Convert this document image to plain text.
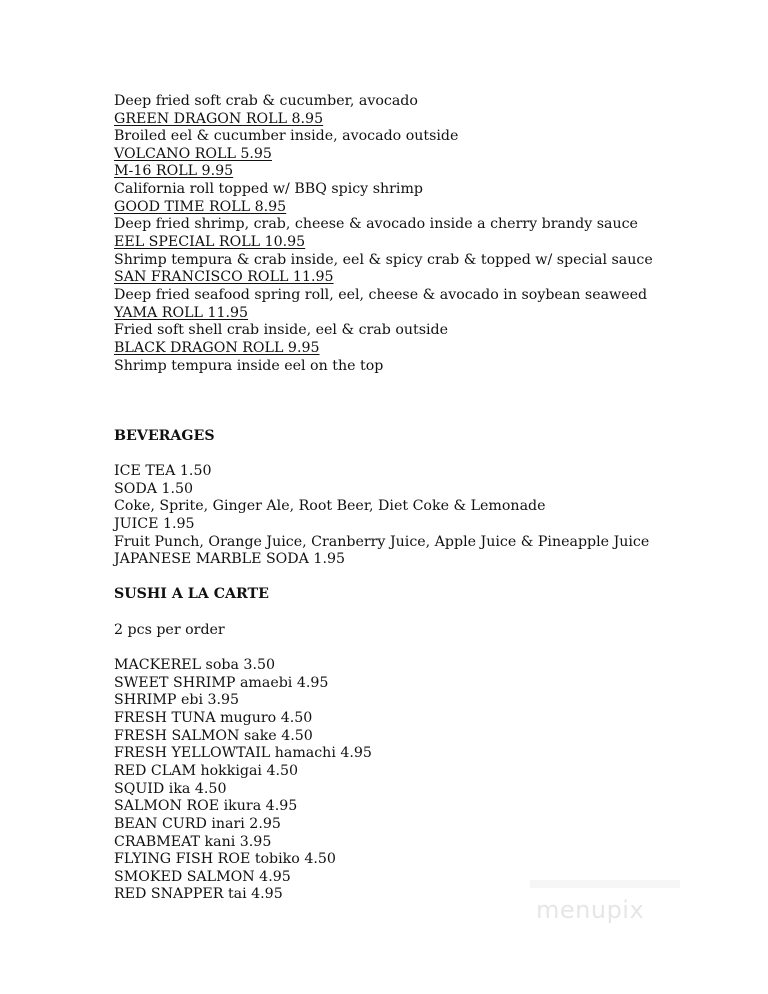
Deep fried soft crab & cucumber, avocado
GREEN DRAGON ROLL 8.95
Broiled eel & cucumber inside, avocado outside
VOLCANO ROLL 5.95
M-16 ROLL 9.95
California roll topped w/ BBQ spicy shrimp
GOOD TIME ROLL 8.95
Deep fried shrimp, crab, cheese & avocado inside a cherry brandy sauce
EEL SPECIAL ROLL 10.95
Shrimp tempura & crab inside, eel & spicy crab & topped w/ special sauce
SAN FRANCISCO ROLL 11.95
Deep fried seafood spring roll, eel, cheese & avocado in soybean seaweed
YAMA ROLL 11.95
Fried soft shell crab inside, eel & crab outside
BLACK DRAGON ROLL 9.95
Shrimp tempura inside eel on the top
BEVERAGES
ICE TEA 1.50
SODA 1.50
Coke, Sprite, Ginger Ale, Root Beer, Diet Coke & Lemonade
JUICE 1.95
Fruit Punch, Orange Juice, Cranberry Juice, Apple Juice & Pineapple Juice
JAPANESE MARBLE SODA 1.95
SUSHI A LA CARTE
2 pcs per order
MACKEREL soba 3.50
SWEET SHRIMP amaebi 4.95
SHRIMP ebi 3.95
FRESH TUNA muguro 4.50
FRESH SALMON sake 4.50
FRESH YELLOWTAIL hamachi 4.95
RED CLAM hokkigai 4.50
SQUID ika 4.50
SALMON ROE ikura 4.95
BEAN CURD inari 2.95
CRABMEAT kani 3.95
FLYING FISH ROE tobiko 4.50
SMOKED SALMON 4.95
RED SNAPPER tai 4.95
menupix
